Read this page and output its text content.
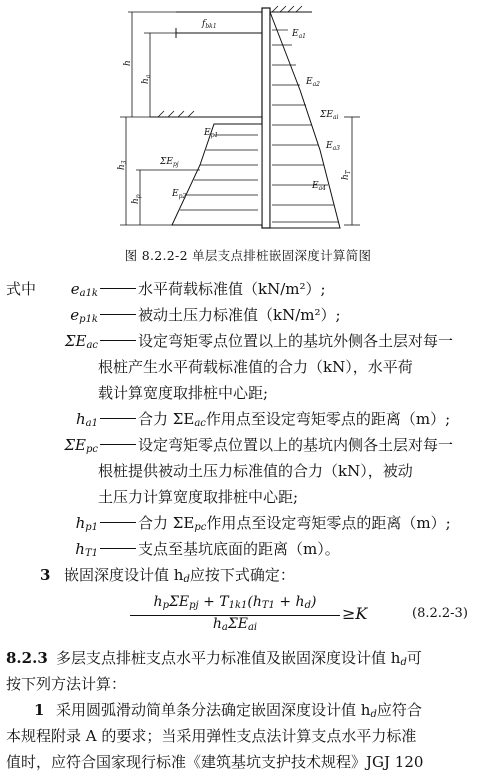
$f_{bk1}$
$E_{a1}$
$E_{a2}$
$\Sigma E_{ai}$
$E_{a3}$
$E_{a4}$
$E_{p1}$
$\Sigma E_{pj}$
$E_{p2}$
h
$h_a$
$h_3$
$h_p$
$h_T$
图 8.2.2-2 单层支点排桩嵌固深度计算简图
式中	$e_{a1k}$	水平荷载标准值（kN/m²）;
$e_{p1k}$	被动土压力标准值（kN/m²）;
$\Sigma E_{ac}$	设定弯矩零点位置以上的基坑外侧各土层对每一
根桩产生水平荷载标准值的合力（kN），水平荷
载计算宽度取排桩中心距;
$h_{a1}$	合力 $\Sigma E_{ac}$作用点至设定弯矩零点的距离（m）;
$\Sigma E_{pc}$	设定弯矩零点位置以上的基坑内侧各土层对每一
根桩提供被动土压力标准值的合力（kN），被动
土压力计算宽度取排桩中心距;
$h_{p1}$	合力 $\Sigma E_{pc}$作用点至设定弯矩零点的距离（m）;
$h_{T1}$	支点至基坑底面的距离（m）。
3 嵌固深度设计值 $h_d$应按下式确定：
$h_p\Sigma E_{pj} + T_{1k1}(h_{T1} + h_d)$
$h_a\Sigma E_{ai}$
≥K	(8.2.2-3)
8.2.3 多层支点排桩支点水平力标准值及嵌固深度设计值 $h_d$可
按下列方法计算：
1 采用圆弧滑动简单条分法确定嵌固深度设计值 $h_d$应符合
本规程附录 A 的要求；当采用弹性支点法计算支点水平力标准
值时，应符合国家现行标准《建筑基坑支护技术规程》JGJ 120
